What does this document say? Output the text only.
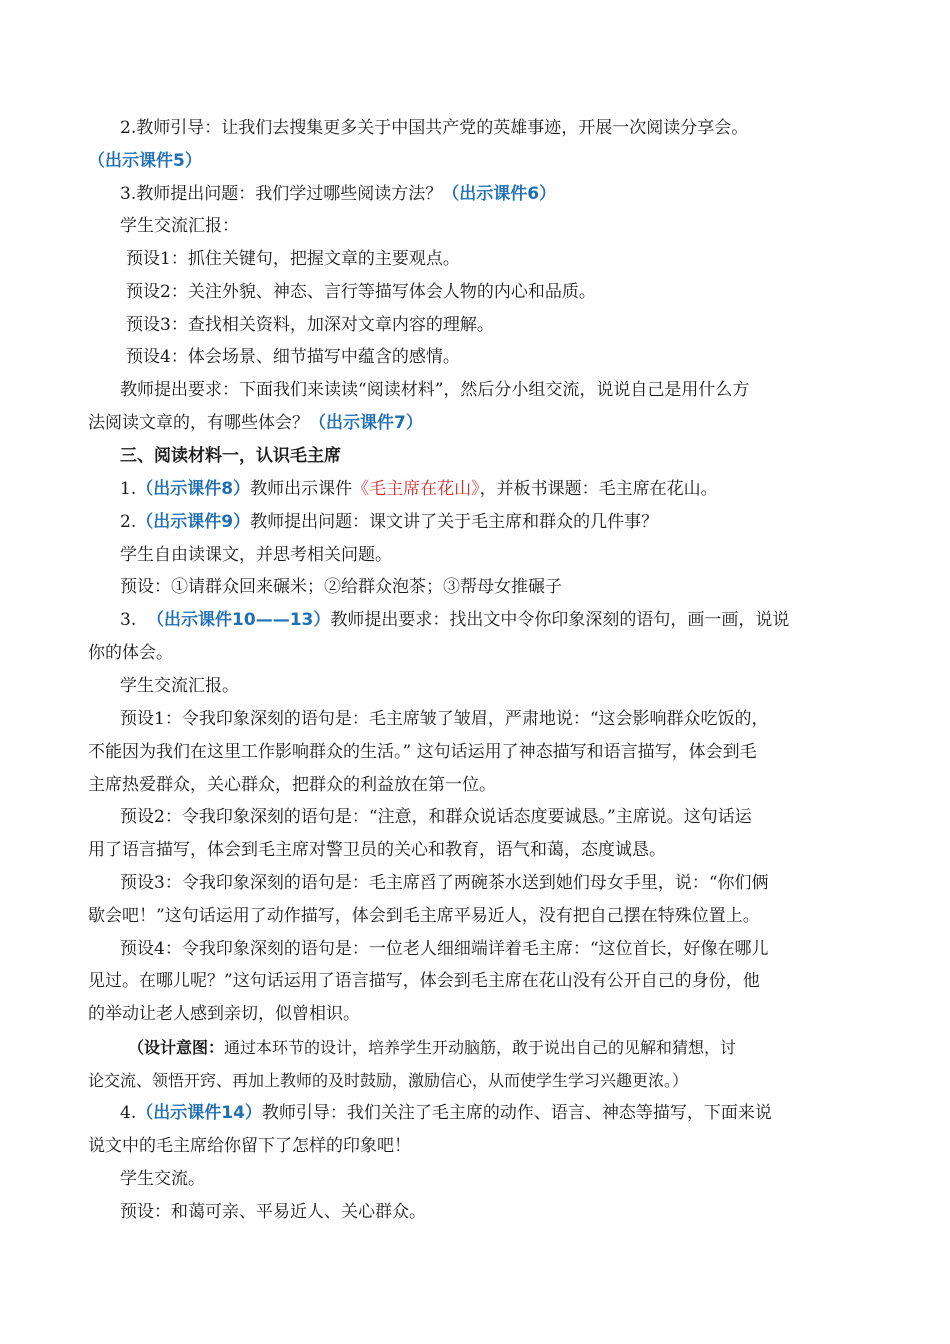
2.教师引导：让我们去搜集更多关于中国共产党的英雄事迹，开展一次阅读分享会。
（出示课件5）
3.教师提出问题：我们学过哪些阅读方法？（出示课件6）
学生交流汇报：
预设1：抓住关键句，把握文章的主要观点。
预设2：关注外貌、神态、言行等描写体会人物的内心和品质。
预设3：查找相关资料，加深对文章内容的理解。
预设4：体会场景、细节描写中蕴含的感情。
教师提出要求：下面我们来读读“阅读材料”，然后分小组交流，说说自己是用什么方
法阅读文章的，有哪些体会？（出示课件7）
三、阅读材料一，认识毛主席
1.（出示课件8）教师出示课件《毛主席在花山》，并板书课题：毛主席在花山。
2.（出示课件9）教师提出问题：课文讲了关于毛主席和群众的几件事？
学生自由读课文，并思考相关问题。
预设：①请群众回来碾米；②给群众泡茶；③帮母女推碾子
3. （出示课件10——13）教师提出要求：找出文中令你印象深刻的语句，画一画，说说
你的体会。
学生交流汇报。
预设1：令我印象深刻的语句是：毛主席皱了皱眉，严肃地说：“这会影响群众吃饭的，
不能因为我们在这里工作影响群众的生活。” 这句话运用了神态描写和语言描写，体会到毛
主席热爱群众，关心群众，把群众的利益放在第一位。
预设2：令我印象深刻的语句是：“注意，和群众说话态度要诚恳。”主席说。这句话运
用了语言描写，体会到毛主席对警卫员的关心和教育，语气和蔼，态度诚恳。
预设3：令我印象深刻的语句是：毛主席舀了两碗茶水送到她们母女手里，说：“你们俩
歇会吧！”这句话运用了动作描写，体会到毛主席平易近人，没有把自己摆在特殊位置上。
预设4：令我印象深刻的语句是：一位老人细细端详着毛主席：“这位首长，好像在哪儿
见过。在哪儿呢？”这句话运用了语言描写，体会到毛主席在花山没有公开自己的身份，他
的举动让老人感到亲切，似曾相识。
（设计意图：通过本环节的设计，培养学生开动脑筋，敢于说出自己的见解和猜想，讨
论交流、领悟开窍、再加上教师的及时鼓励，激励信心，从而使学生学习兴趣更浓。）
4.（出示课件14）教师引导：我们关注了毛主席的动作、语言、神态等描写，下面来说
说文中的毛主席给你留下了怎样的印象吧！
学生交流。
预设：和蔼可亲、平易近人、关心群众。
